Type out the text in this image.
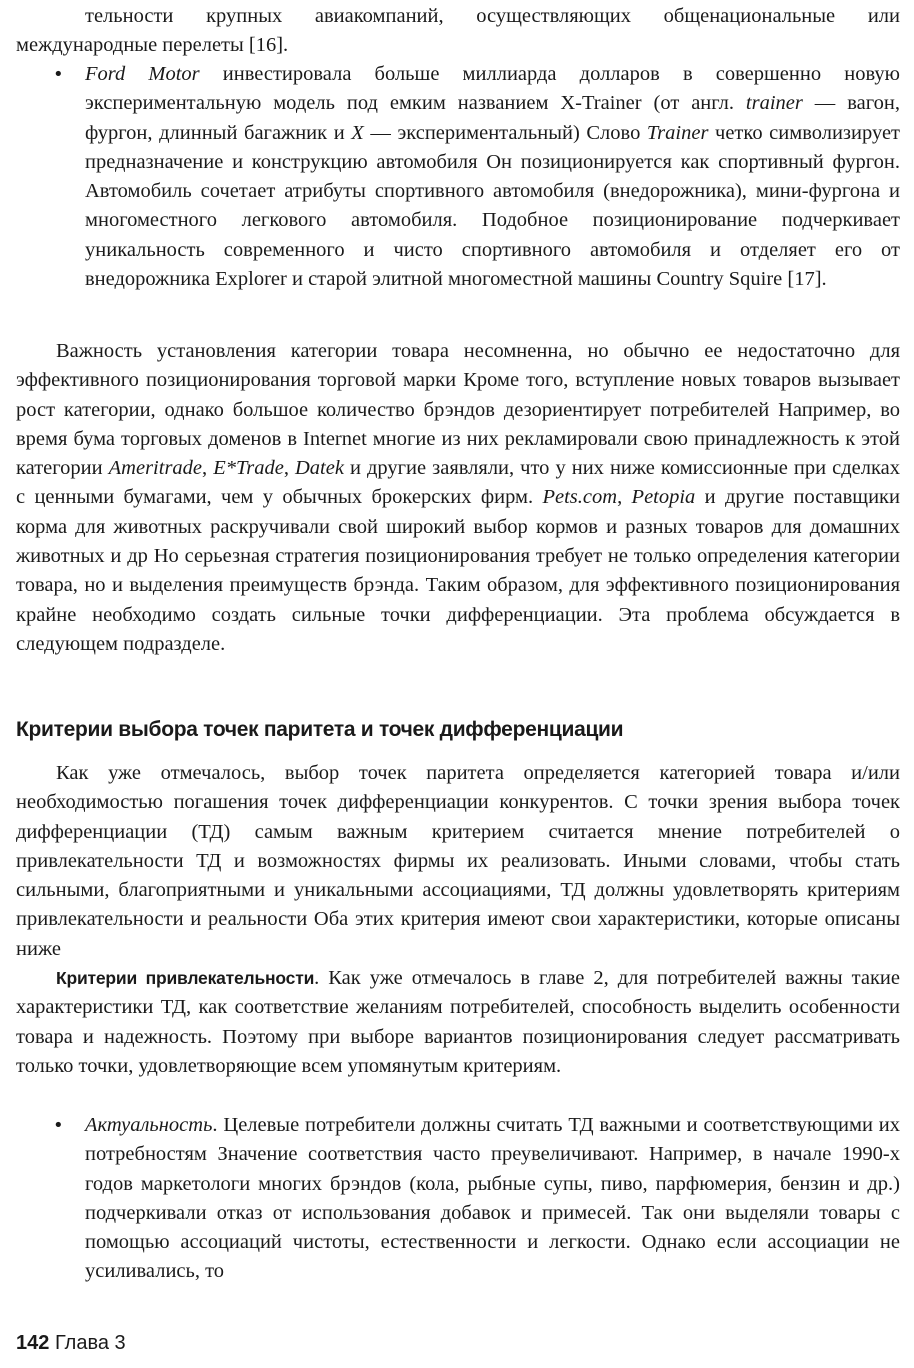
тельности крупных авиакомпаний, осуществляющих общенациональные или международные перелеты [16].

• Ford Motor инвестировала больше миллиарда долларов в совершенно новую экспериментальную модель под емким названием X-Trainer (от англ. trainer — вагон, фургон, длинный багажник и X — экспериментальный) Слово Trainer четко символизирует предназначение и конструкцию автомобиля Он позиционируется как спортивный фургон. Автомобиль сочетает атрибуты спортивного автомобиля (внедорожника), мини-фургона и многоместного легкового автомобиля. Подобное позиционирование подчеркивает уникальность современного и чисто спортивного автомобиля и отделяет его от внедорожника Explorer и старой элитной многоместной машины Country Squire [17].

Важность установления категории товара несомненна, но обычно ее недостаточно для эффективного позиционирования торговой марки Кроме того, вступление новых товаров вызывает рост категории, однако большое количество брэндов дезориентирует потребителей Например, во время бума торговых доменов в Internet многие из них рекламировали свою принадлежность к этой категории Ameritrade, E*Trade, Datek и другие заявляли, что у них ниже комиссионные при сделках с ценными бумагами, чем у обычных брокерских фирм. Pets.com, Petopia и другие поставщики корма для животных раскручивали свой широкий выбор кормов и разных товаров для домашних животных и др Но серьезная стратегия позиционирования требует не только определения категории товара, но и выделения преимуществ брэнда. Таким образом, для эффективного позиционирования крайне необходимо создать сильные точки дифференциации. Эта проблема обсуждается в следующем подразделе.

Критерии выбора точек паритета и точек дифференциации

Как уже отмечалось, выбор точек паритета определяется категорией товара и/или необходимостью погашения точек дифференциации конкурентов. С точки зрения выбора точек дифференциации (ТД) самым важным критерием считается мнение потребителей о привлекательности ТД и возможностях фирмы их реализовать. Иными словами, чтобы стать сильными, благоприятными и уникальными ассоциациями, ТД должны удовлетворять критериям привлекательности и реальности Оба этих критерия имеют свои характеристики, которые описаны ниже

Критерии привлекательности. Как уже отмечалось в главе 2, для потребителей важны такие характеристики ТД, как соответствие желаниям потребителей, способность выделить особенности товара и надежность. Поэтому при выборе вариантов позиционирования следует рассматривать только точки, удовлетворяющие всем упомянутым критериям.

• Актуальность. Целевые потребители должны считать ТД важными и соответствующими их потребностям Значение соответствия часто преувеличивают. Например, в начале 1990-х годов маркетологи многих брэндов (кола, рыбные супы, пиво, парфюмерия, бензин и др.) подчеркивали отказ от использования добавок и примесей. Так они выделяли товары с помощью ассоциаций чистоты, естественности и легкости. Однако если ассоциации не усиливались, то

142 Глава 3
